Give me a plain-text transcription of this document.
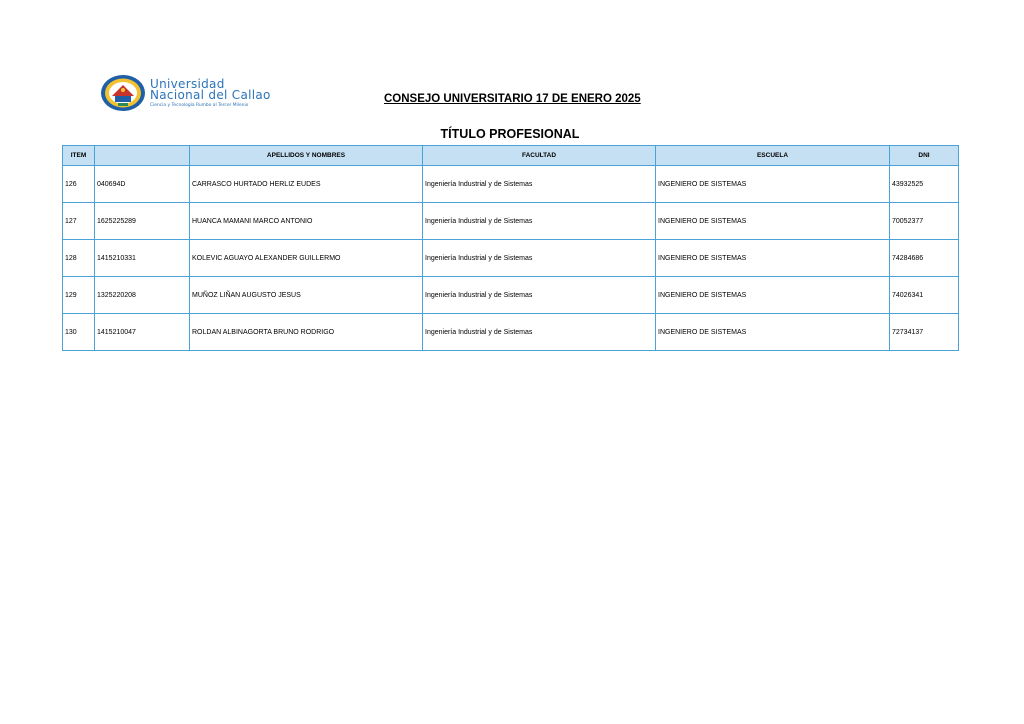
Universidad
Nacional del Callao
Ciencia y Tecnología Rumbo al Tercer Milenio
CONSEJO UNIVERSITARIO 17 DE ENERO 2025
TÍTULO PROFESIONAL
ITEM		APELLIDOS Y NOMBRES	FACULTAD	ESCUELA	DNI
126	040694D	CARRASCO HURTADO HERLIZ EUDES	Ingeniería Industrial y de Sistemas	INGENIERO DE SISTEMAS	43932525
127	1625225289	HUANCA MAMANI MARCO ANTONIO	Ingeniería Industrial y de Sistemas	INGENIERO DE SISTEMAS	70052377
128	1415210331	KOLEVIC AGUAYO ALEXANDER GUILLERMO	Ingeniería Industrial y de Sistemas	INGENIERO DE SISTEMAS	74284686
129	1325220208	MUÑOZ LIÑAN AUGUSTO JESUS	Ingeniería Industrial y de Sistemas	INGENIERO DE SISTEMAS	74026341
130	1415210047	ROLDAN ALBINAGORTA BRUNO RODRIGO	Ingeniería Industrial y de Sistemas	INGENIERO DE SISTEMAS	72734137
